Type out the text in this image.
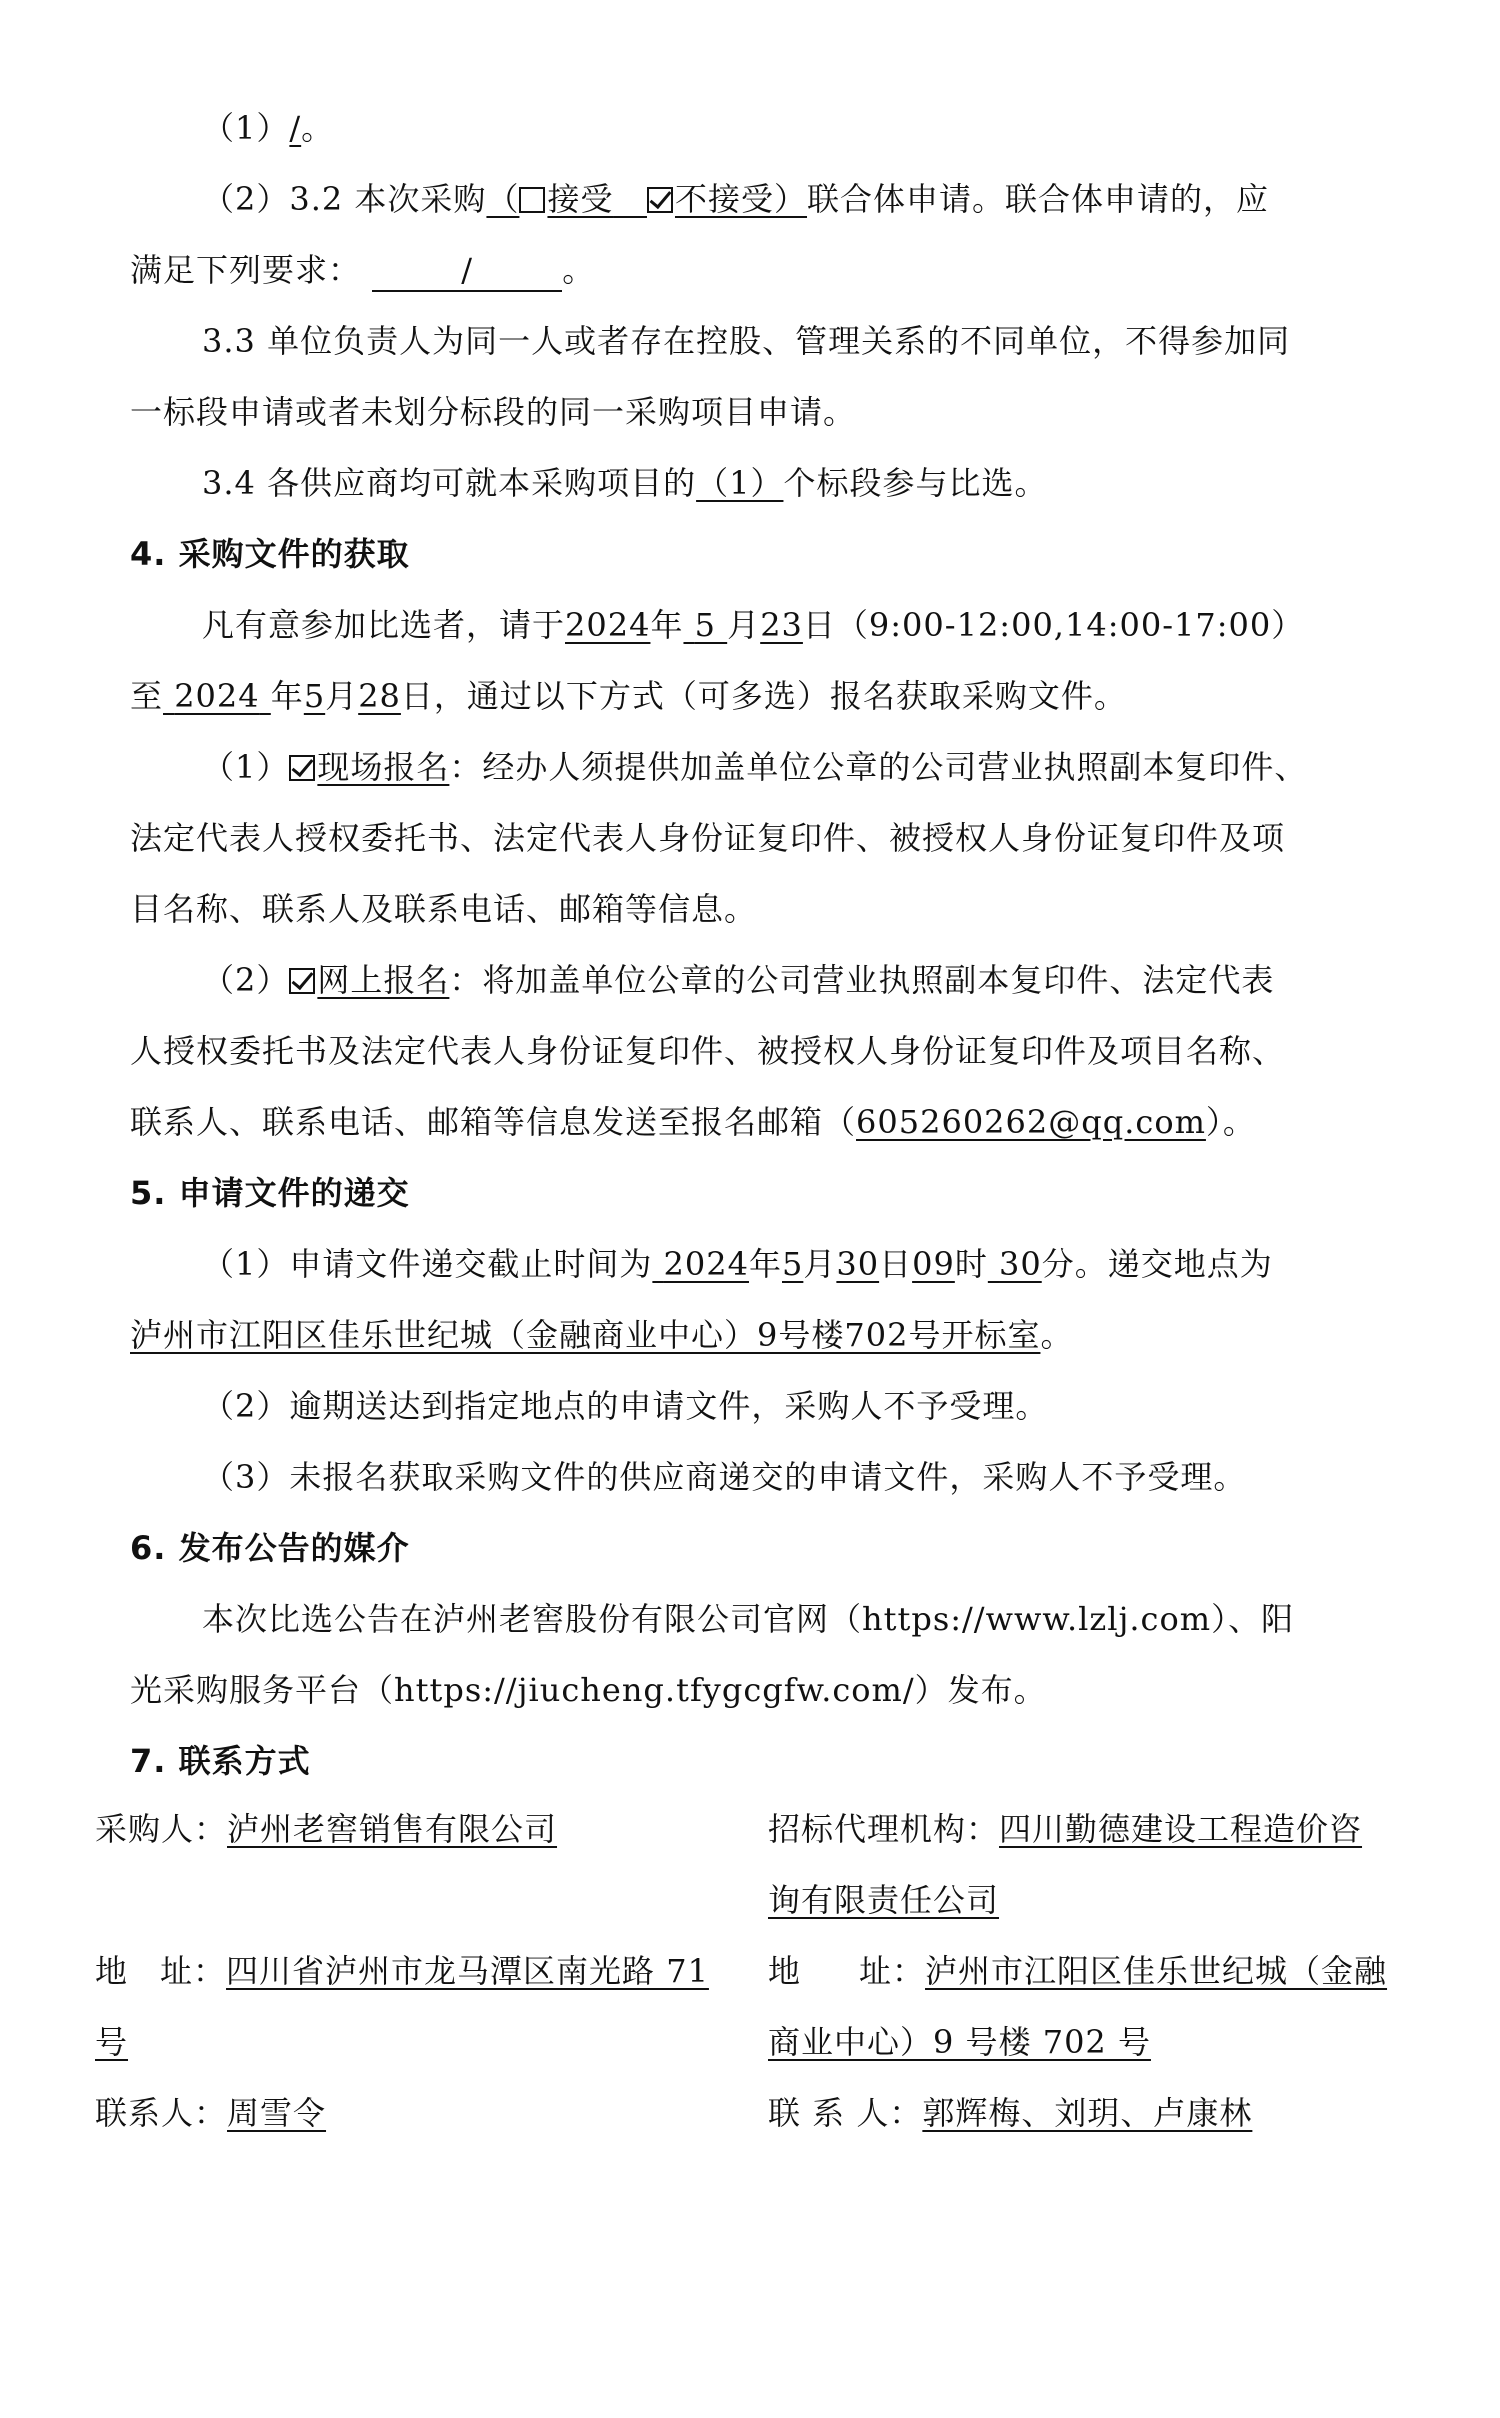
（1）/。
（2）3.2 本次采购（ 接受 不接受）联合体申请。联合体申请的，应
满足下列要求：	/	。
3.3 单位负责人为同一人或者存在控股、管理关系的不同单位，不得参加同
一标段申请或者未划分标段的同一采购项目申请。
3.4 各供应商均可就本采购项目的（1）个标段参与比选。
4. 采购文件的获取
凡有意参加比选者，请于2024年 5 月23日（9:00-12:00,14:00-17:00）
至 2024 年5月28日，通过以下方式（可多选）报名获取采购文件。
（1） 现场报名：经办人须提供加盖单位公章的公司营业执照副本复印件、
法定代表人授权委托书、法定代表人身份证复印件、被授权人身份证复印件及项
目名称、联系人及联系电话、邮箱等信息。
（2） 网上报名：将加盖单位公章的公司营业执照副本复印件、法定代表
人授权委托书及法定代表人身份证复印件、被授权人身份证复印件及项目名称、
联系人、联系电话、邮箱等信息发送至报名邮箱（605260262@qq.com）。
5. 申请文件的递交
（1）申请文件递交截止时间为 2024年5月30日09时 30分。递交地点为
泸州市江阳区佳乐世纪城（金融商业中心）9号楼702号开标室。
（2）逾期送达到指定地点的申请文件，采购人不予受理。
（3）未报名获取采购文件的供应商递交的申请文件，采购人不予受理。
6. 发布公告的媒介
本次比选公告在泸州老窖股份有限公司官网（https://www.lzlj.com）、阳
光采购服务平台（https://jiucheng.tfygcgfw.com/）发布。
7. 联系方式
采购人：泸州老窖销售有限公司
地 址：四川省泸州市龙马潭区南光路 71
号
联系人：周雪令
招标代理机构：四川勤德建设工程造价咨
询有限责任公司
地 址：泸州市江阳区佳乐世纪城（金融
商业中心）9 号楼 702 号
联 系 人：郭辉梅、刘玥、卢康林
